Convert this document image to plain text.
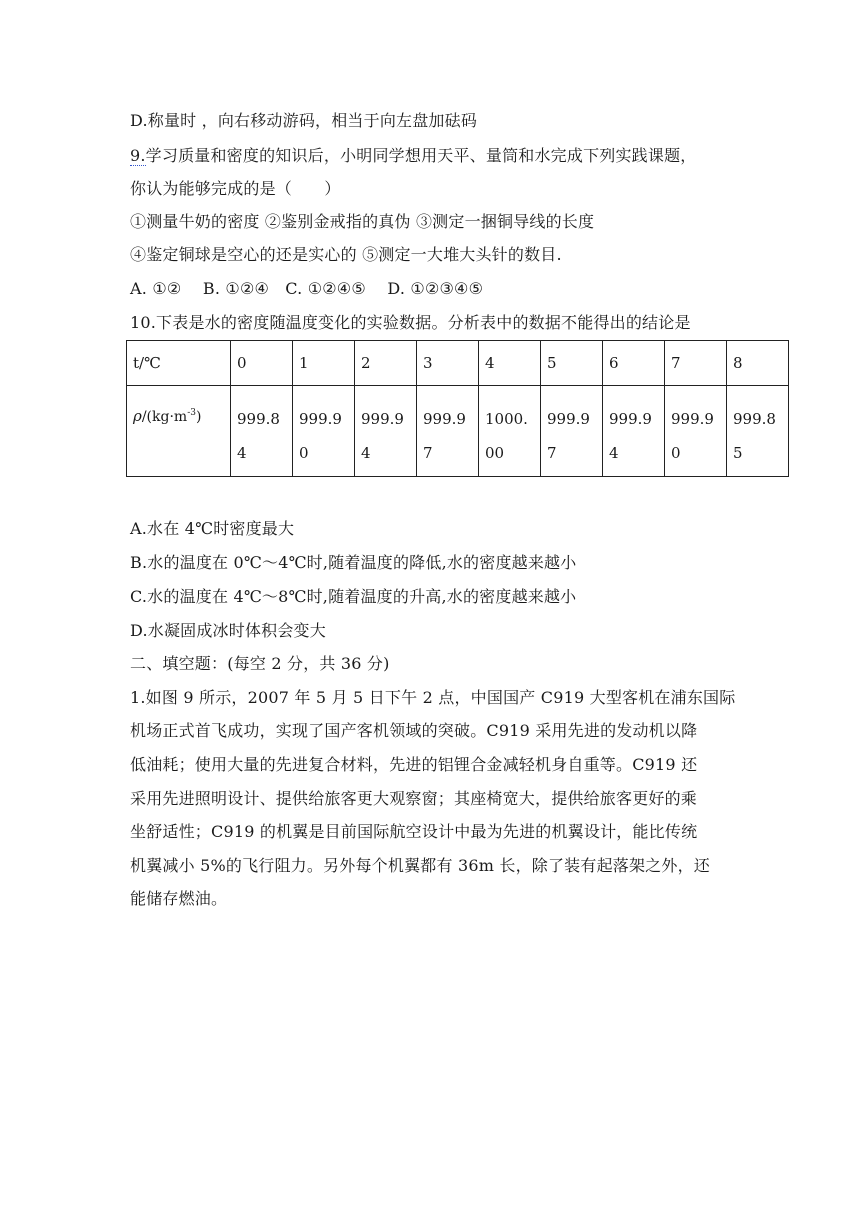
D.称量时 ，向右移动游码，相当于向左盘加砝码
9.学习质量和密度的知识后，小明同学想用天平、量筒和水完成下列实践课题，
你认为能够完成的是（　　）
①测量牛奶的密度 ②鉴别金戒指的真伪 ③测定一捆铜导线的长度
④鉴定铜球是空心的还是实心的 ⑤测定一大堆大头针的数目.
A. ①②　 B. ①②④　C. ①②④⑤　 D. ①②③④⑤
10.下表是水的密度随温度变化的实验数据。分析表中的数据不能得出的结论是
t/℃	0	1	2	3	4	5	6	7	8
$\rho/(kg\cdot m^{-3})$	999.84	999.90	999.94	999.97	1000.00	999.97	999.94	999.90	999.85
A.水在 4℃时密度最大
B.水的温度在 0℃～4℃时,随着温度的降低,水的密度越来越小
C.水的温度在 4℃～8℃时,随着温度的升高,水的密度越来越小
D.水凝固成冰时体积会变大
二、填空题：(每空 2 分，共 36 分)
1.如图 9 所示，2007 年 5 月 5 日下午 2 点，中国国产 C919 大型客机在浦东国际
机场正式首飞成功，实现了国产客机领域的突破。C919 采用先进的发动机以降
低油耗；使用大量的先进复合材料，先进的铝锂合金减轻机身自重等。C919 还
采用先进照明设计、提供给旅客更大观察窗；其座椅宽大，提供给旅客更好的乘
坐舒适性；C919 的机翼是目前国际航空设计中最为先进的机翼设计，能比传统
机翼减小 5%的飞行阻力。另外每个机翼都有 36m 长，除了装有起落架之外，还
能储存燃油。
